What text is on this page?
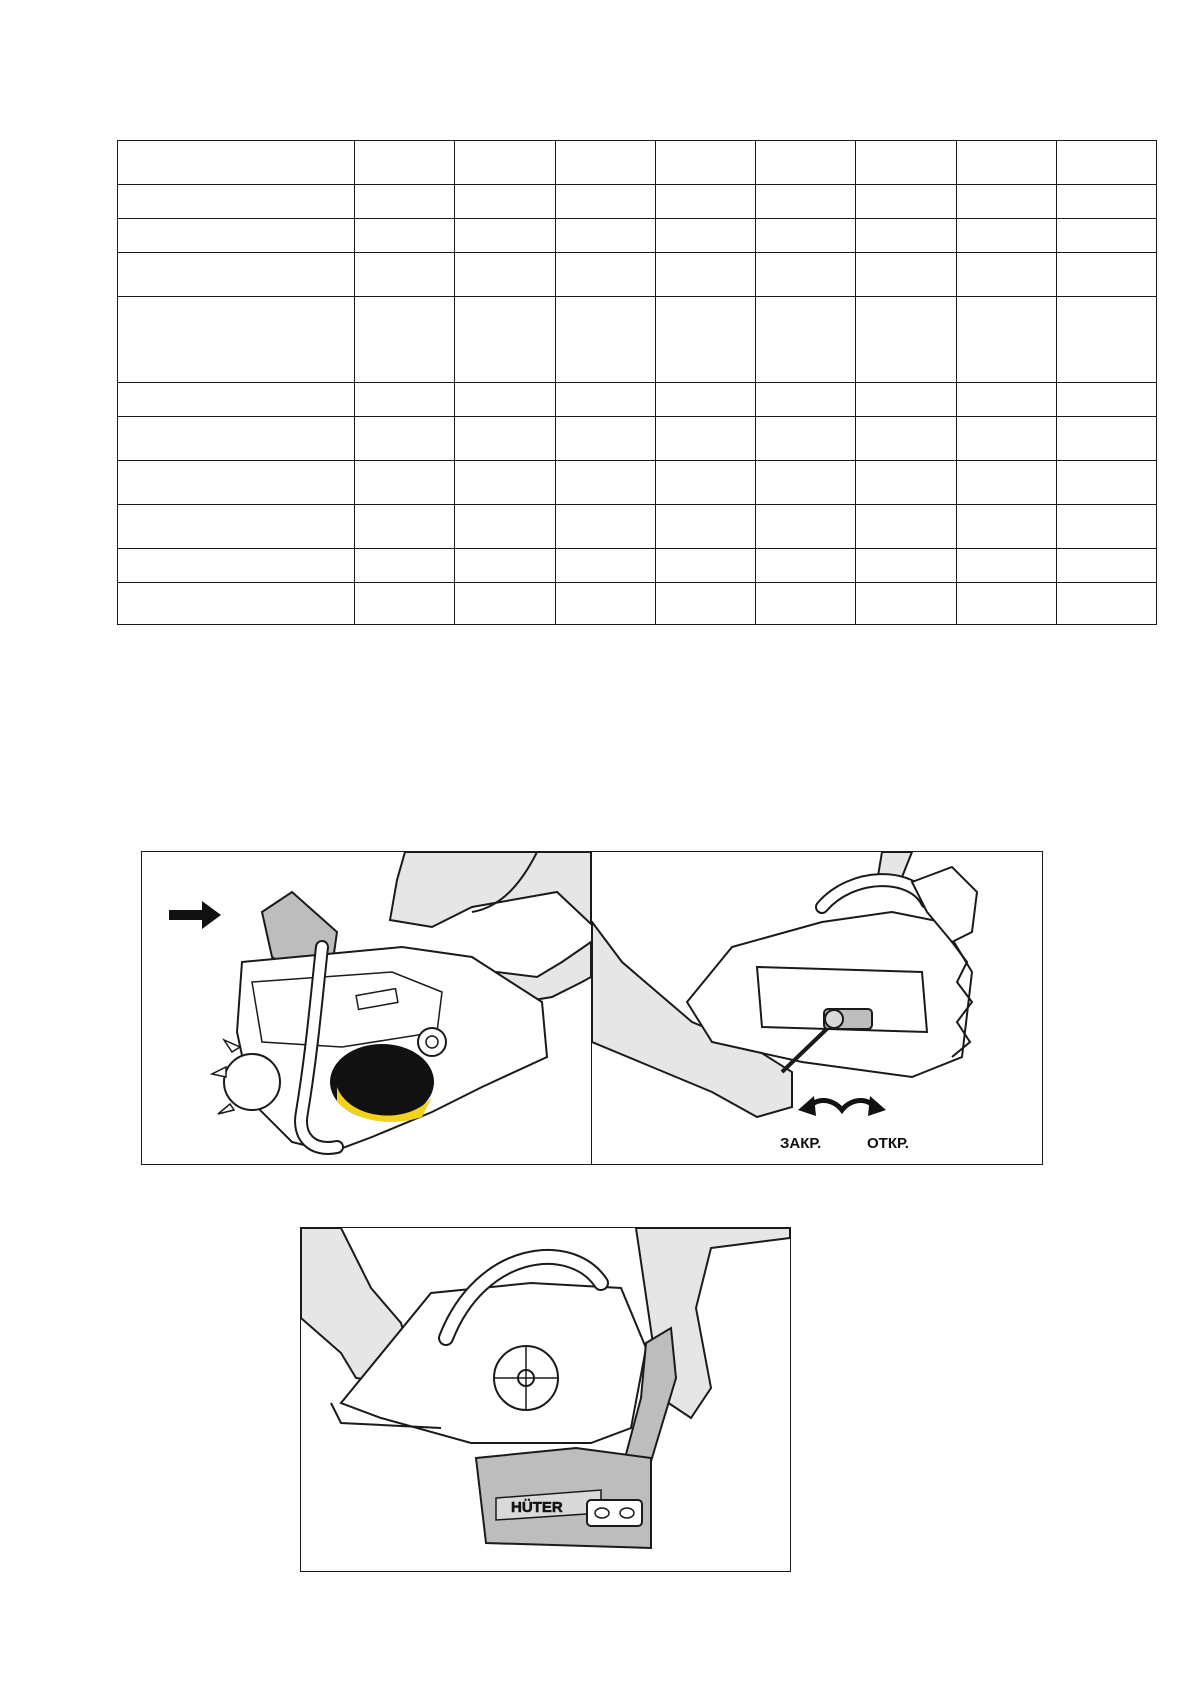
HÜTER
BS-52
ЗАКР.	ОТКР.
HÜTER
